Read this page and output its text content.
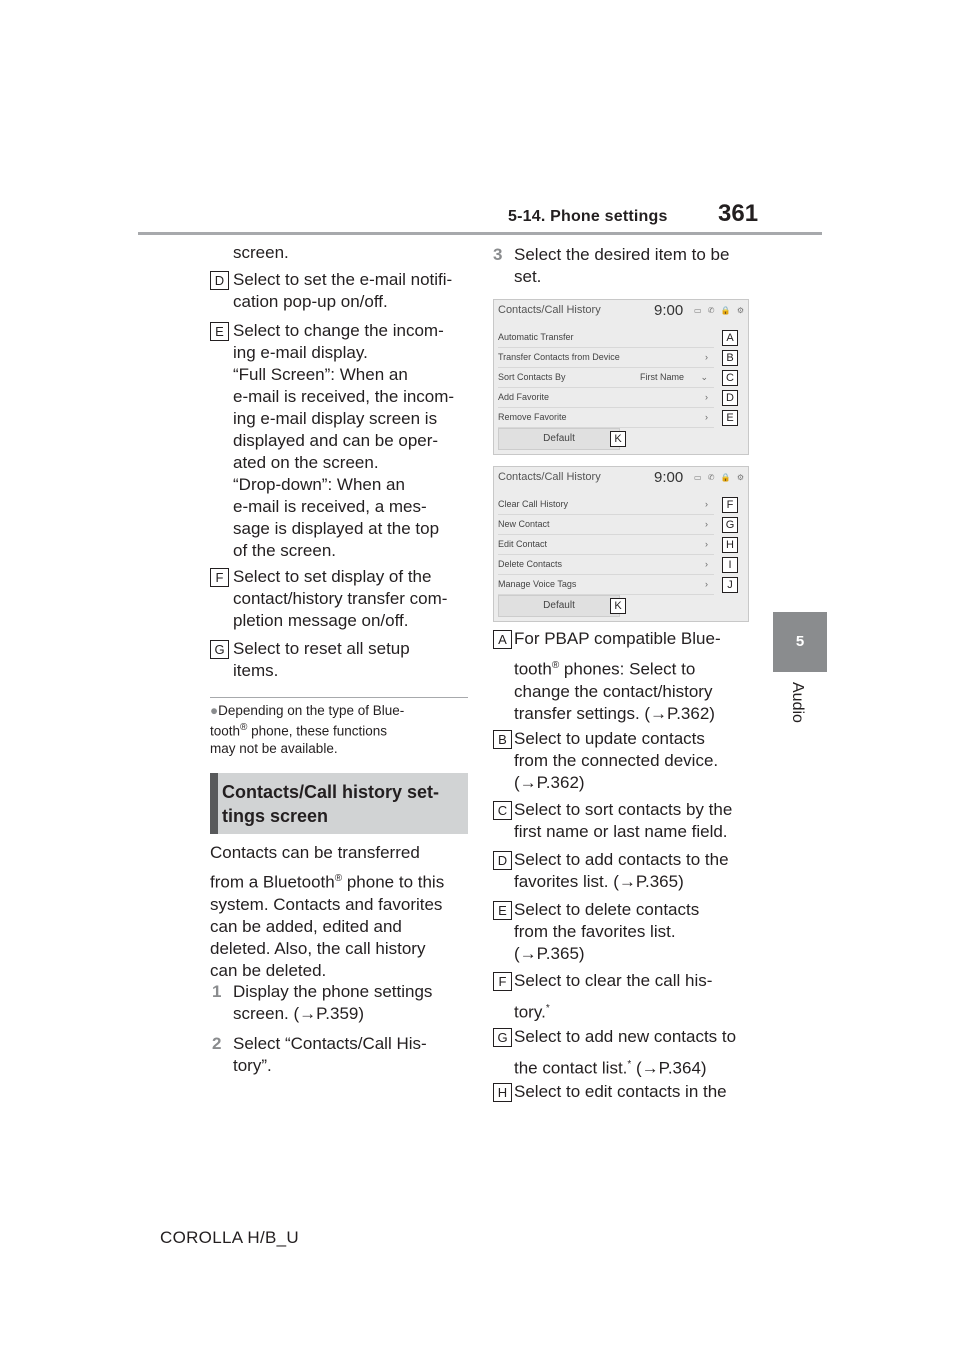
5-14. Phone settings 361
5
Audio
screen.
D Select to set the e-mail notifi-
cation pop-up on/off.
E Select to change the incom-
ing e-mail display.
“Full Screen”: When an
e-mail is received, the incom-
ing e-mail display screen is
displayed and can be oper-
ated on the screen.
“Drop-down”: When an
e-mail is received, a mes-
sage is displayed at the top
of the screen.
F Select to set display of the
contact/history transfer com-
pletion message on/off.
G Select to reset all setup
items.
●Depending on the type of Blue-
tooth® phone, these functions
may not be available.
Contacts/Call history set-
tings screen
Contacts can be transferred
from a Bluetooth® phone to this
system. Contacts and favorites
can be added, edited and
deleted. Also, the call history
can be deleted.
1 Display the phone settings
screen. (→P.359)
2 Select “Contacts/Call His-
tory”.
3 Select the desired item to be
set.
Contacts/Call History	9:00 ▭ ✆ 🔒 ⚙
Automatic Transfer
Transfer Contacts from Device	›
Sort Contacts By	First Name ⌄
Add Favorite	›
Remove Favorite	›
Default
A
B
C
D
E
K
Contacts/Call History	9:00 ▭ ✆ 🔒 ⚙
Clear Call History	›
New Contact	›
Edit Contact	›
Delete Contacts	›
Manage Voice Tags	›
Default
F
G
H
I
J
K
A For PBAP compatible Blue-
tooth® phones: Select to
change the contact/history
transfer settings. (→P.362)
B Select to update contacts
from the connected device.
(→P.362)
C Select to sort contacts by the
first name or last name field.
D Select to add contacts to the
favorites list. (→P.365)
E Select to delete contacts
from the favorites list.
(→P.365)
F Select to clear the call his-
tory.*
G Select to add new contacts to
the contact list.* (→P.364)
H Select to edit contacts in the
COROLLA H/B_U
